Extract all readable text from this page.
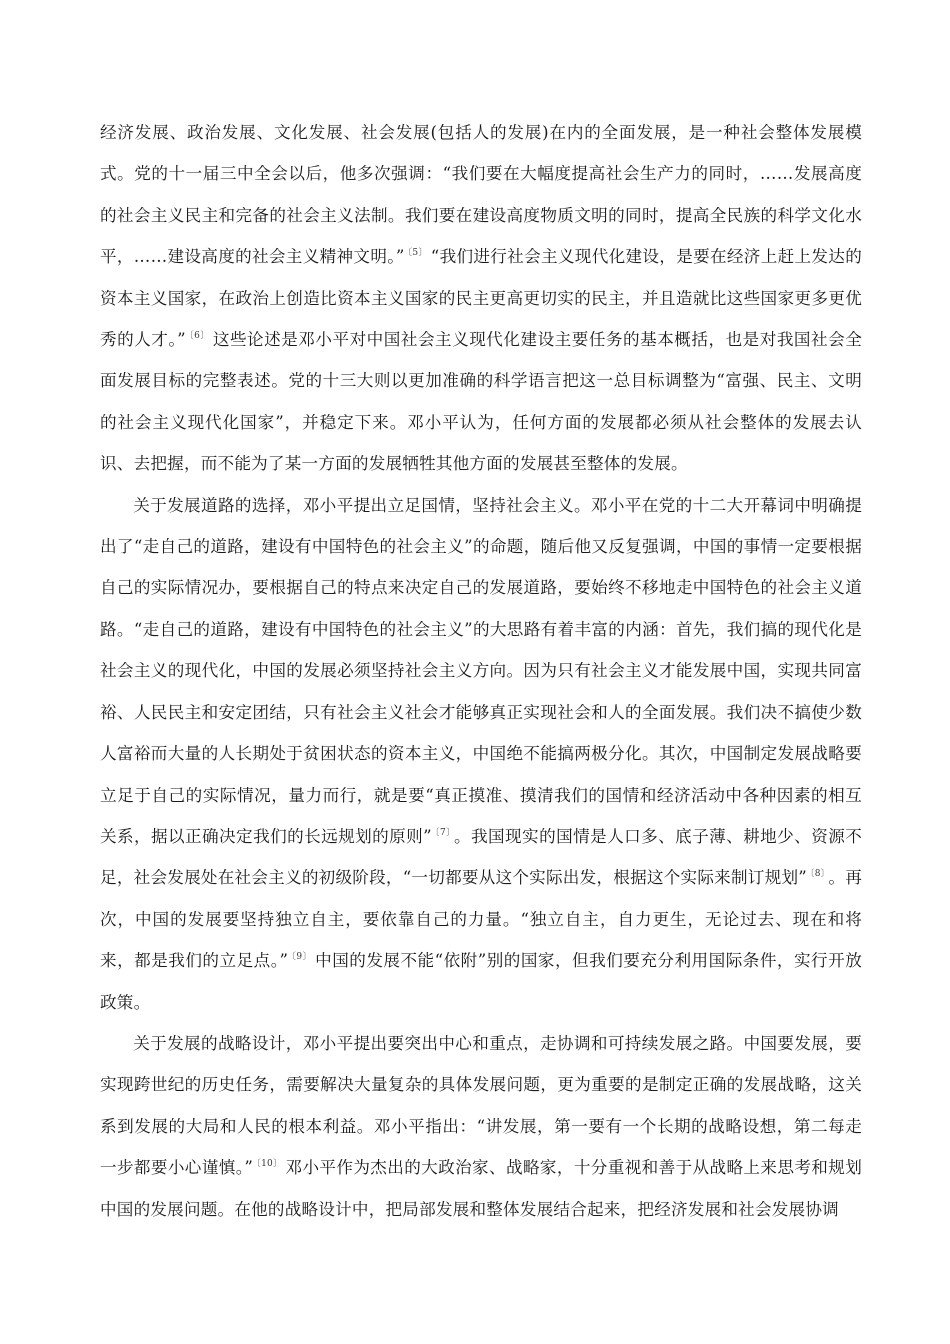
经济发展、政治发展、文化发展、社会发展(包括人的发展)在内的全面发展，是一种社会整体发展模式。党的十一届三中全会以后，他多次强调：“我们要在大幅度提高社会生产力的同时，……发展高度的社会主义民主和完备的社会主义法制。我们要在建设高度物质文明的同时，提高全民族的科学文化水平，……建设高度的社会主义精神文明。” $^{〔5〕}$ “我们进行社会主义现代化建设，是要在经济上赶上发达的资本主义国家，在政治上创造比资本主义国家的民主更高更切实的民主，并且造就比这些国家更多更优秀的人才。” $^{〔6〕}$ 这些论述是邓小平对中国社会主义现代化建设主要任务的基本概括，也是对我国社会全面发展目标的完整表述。党的十三大则以更加准确的科学语言把这一总目标调整为“富强、民主、文明的社会主义现代化国家”，并稳定下来。邓小平认为，任何方面的发展都必须从社会整体的发展去认识、去把握，而不能为了某一方面的发展牺牲其他方面的发展甚至整体的发展。

关于发展道路的选择，邓小平提出立足国情，坚持社会主义。邓小平在党的十二大开幕词中明确提出了“走自己的道路，建设有中国特色的社会主义”的命题，随后他又反复强调，中国的事情一定要根据自己的实际情况办，要根据自己的特点来决定自己的发展道路，要始终不移地走中国特色的社会主义道路。“走自己的道路，建设有中国特色的社会主义”的大思路有着丰富的内涵：首先，我们搞的现代化是社会主义的现代化，中国的发展必须坚持社会主义方向。因为只有社会主义才能发展中国，实现共同富裕、人民民主和安定团结，只有社会主义社会才能够真正实现社会和人的全面发展。我们决不搞使少数人富裕而大量的人长期处于贫困状态的资本主义，中国绝不能搞两极分化。其次，中国制定发展战略要立足于自己的实际情况，量力而行，就是要“真正摸准、摸清我们的国情和经济活动中各种因素的相互关系，据以正确决定我们的长远规划的原则” $^{〔7〕}$ 。我国现实的国情是人口多、底子薄、耕地少、资源不足，社会发展处在社会主义的初级阶段，“一切都要从这个实际出发，根据这个实际来制订规划” $^{〔8〕}$ 。再次，中国的发展要坚持独立自主，要依靠自己的力量。“独立自主，自力更生，无论过去、现在和将来，都是我们的立足点。” $^{〔9〕}$ 中国的发展不能“依附”别的国家，但我们要充分利用国际条件，实行开放政策。

关于发展的战略设计，邓小平提出要突出中心和重点，走协调和可持续发展之路。中国要发展，要实现跨世纪的历史任务，需要解决大量复杂的具体发展问题，更为重要的是制定正确的发展战略，这关系到发展的大局和人民的根本利益。邓小平指出：“讲发展，第一要有一个长期的战略设想，第二每走一步都要小心谨慎。” $^{〔10〕}$ 邓小平作为杰出的大政治家、战略家，十分重视和善于从战略上来思考和规划中国的发展问题。在他的战略设计中，把局部发展和整体发展结合起来，把经济发展和社会发展协调
